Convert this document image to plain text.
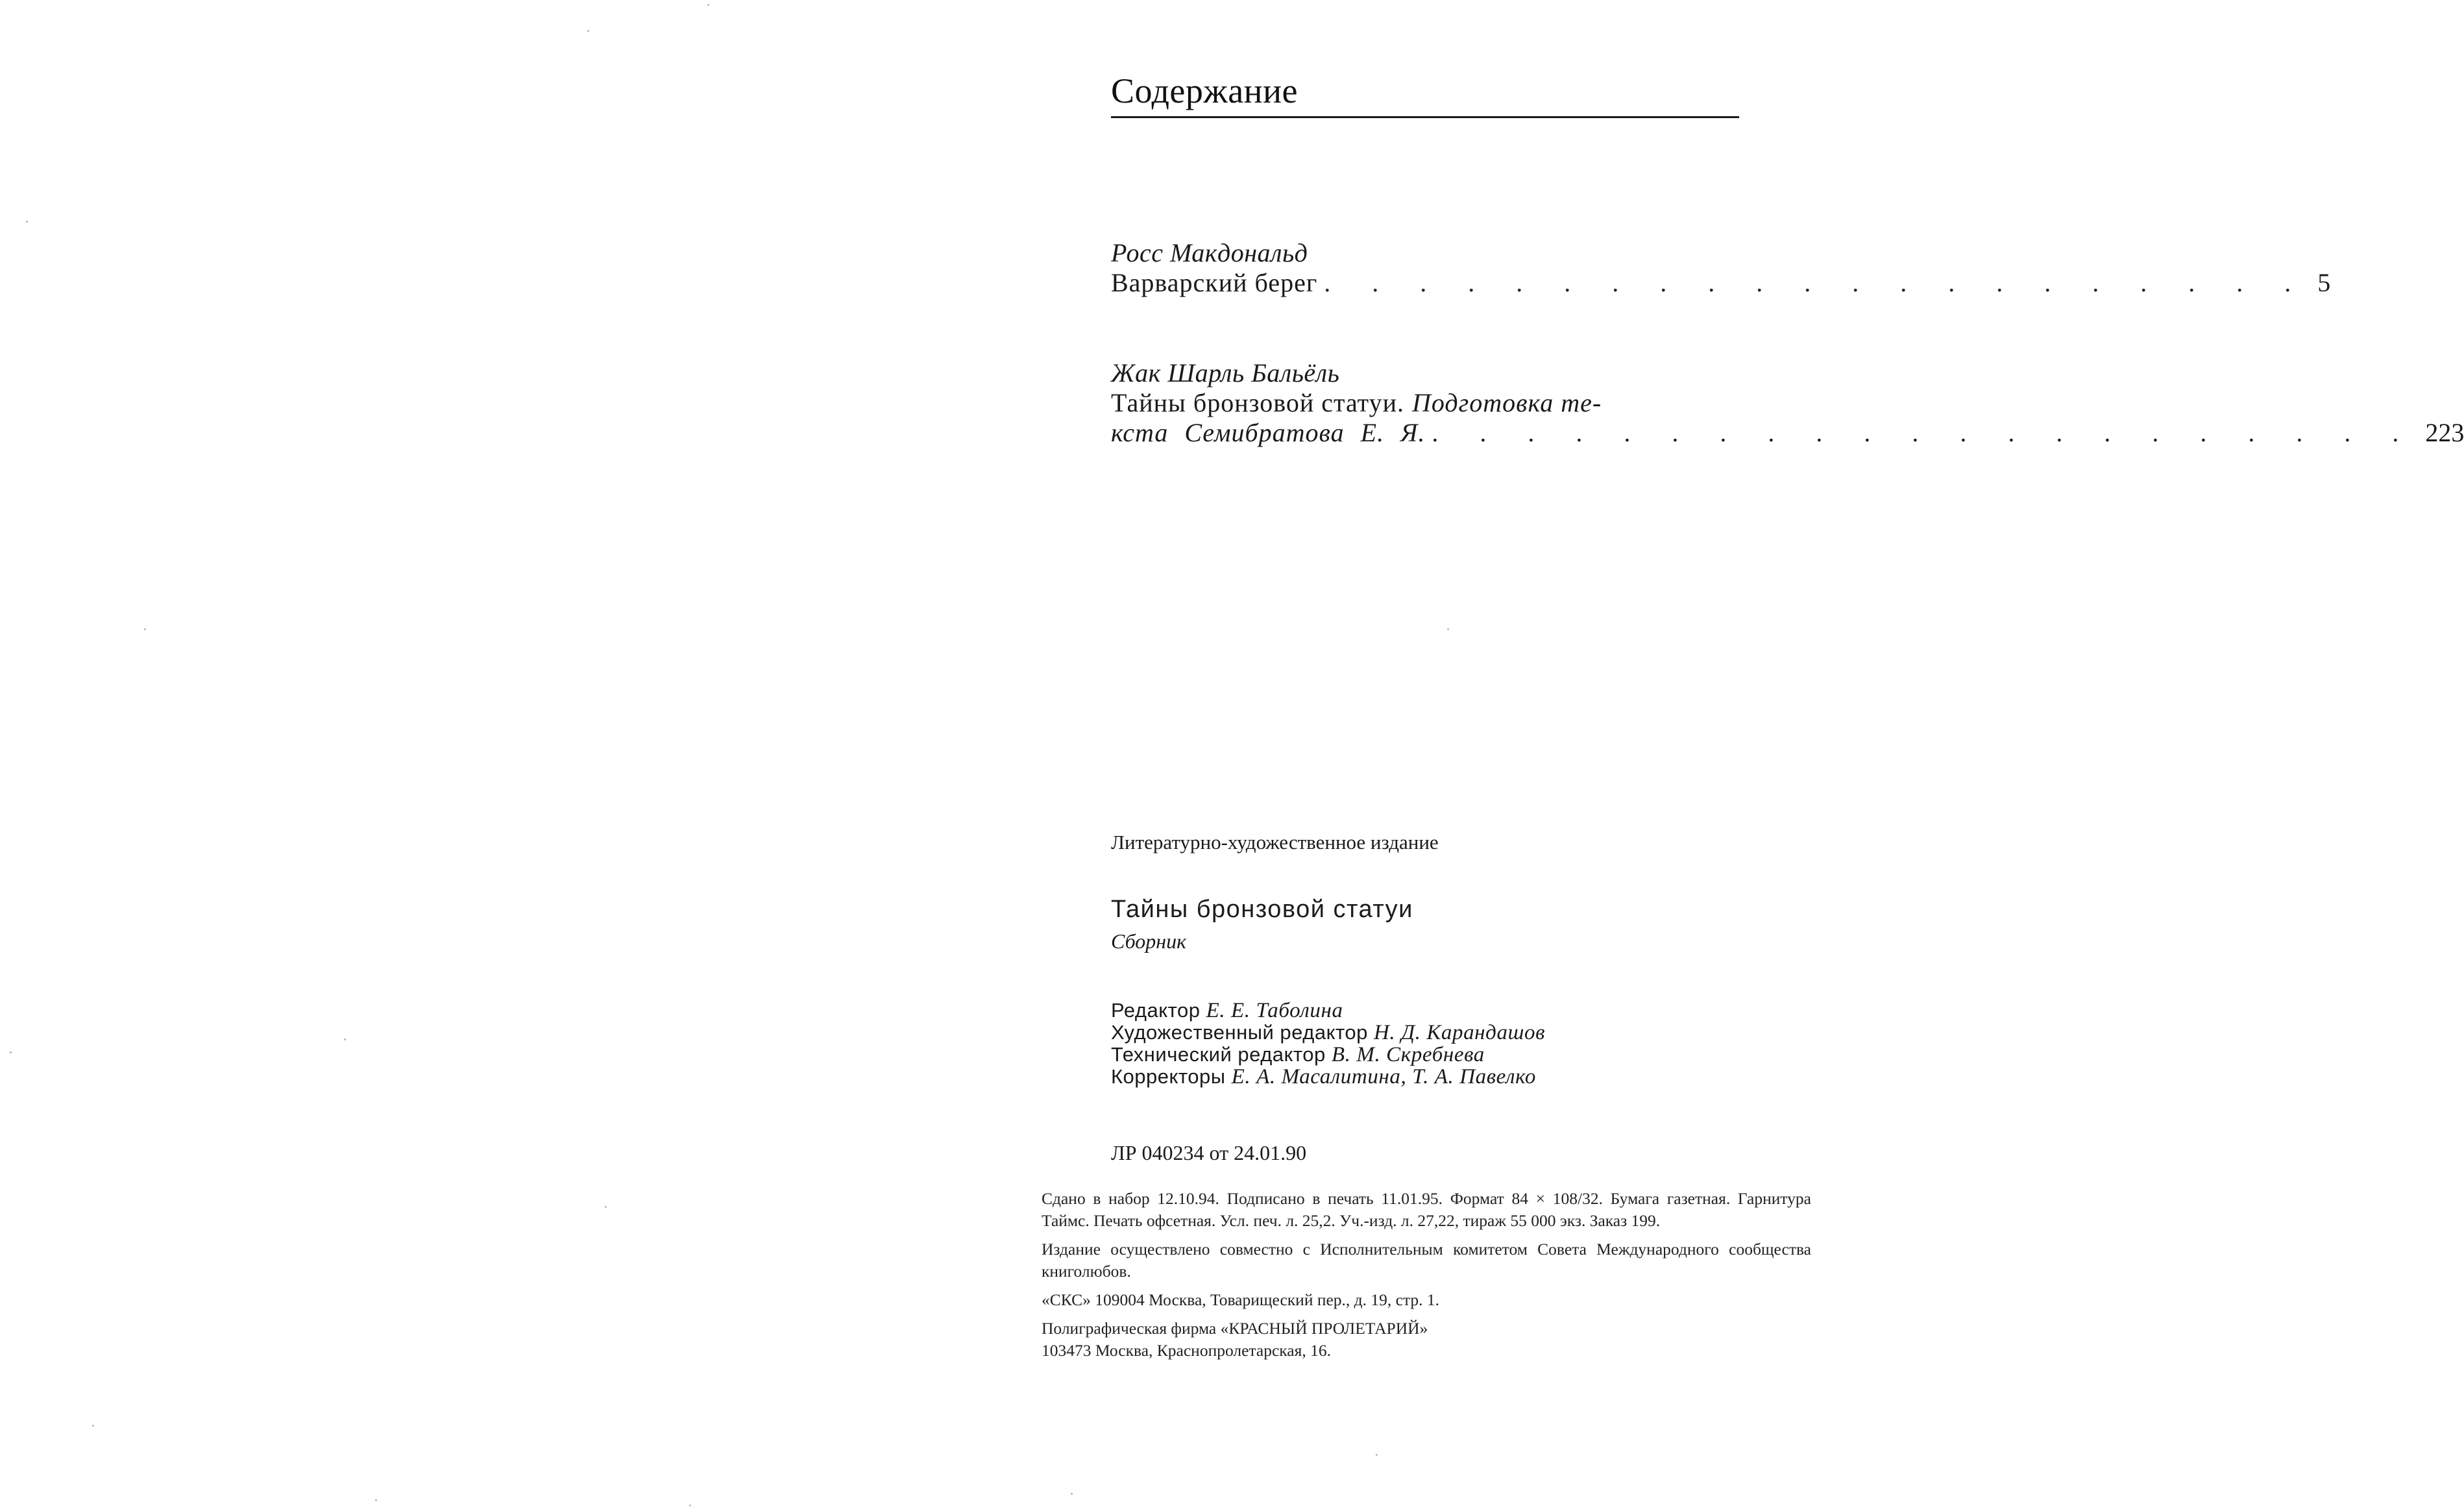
Содержание
Росс Макдональд
Варварский берег . . . . . . . . . . . . . . . . . . . . . 5
Жак Шарль Бальёль
Тайны бронзовой статуи. Подготовка те-
кста Семибратова Е. Я. . . . . . . . . . . . . . . . . . . . . . 223
Литературно-художественное издание
Тайны бронзовой статуи
Сборник
Редактор Е. Е. Таболина
Художественный редактор Н. Д. Карандашов
Технический редактор В. М. Скребнева
Корректоры Е. А. Масалитина, Т. А. Павелко
ЛР 040234 от 24.01.90

Сдано в набор 12.10.94. Подписано в печать 11.01.95. Формат 84 × 108/32. Бумага газетная. Гарнитура Таймс. Печать офсетная. Усл. печ. л. 25,2. Уч.-изд. л. 27,22, тираж 55 000 экз. Заказ 199.

Издание осуществлено совместно с Исполнительным комитетом Совета Международного сообщества книголюбов.

«СКС» 109004 Москва, Товарищеский пер., д. 19, стр. 1.

Полиграфическая фирма «КРАСНЫЙ ПРОЛЕТАРИЙ»
103473 Москва, Краснопролетарская, 16.
